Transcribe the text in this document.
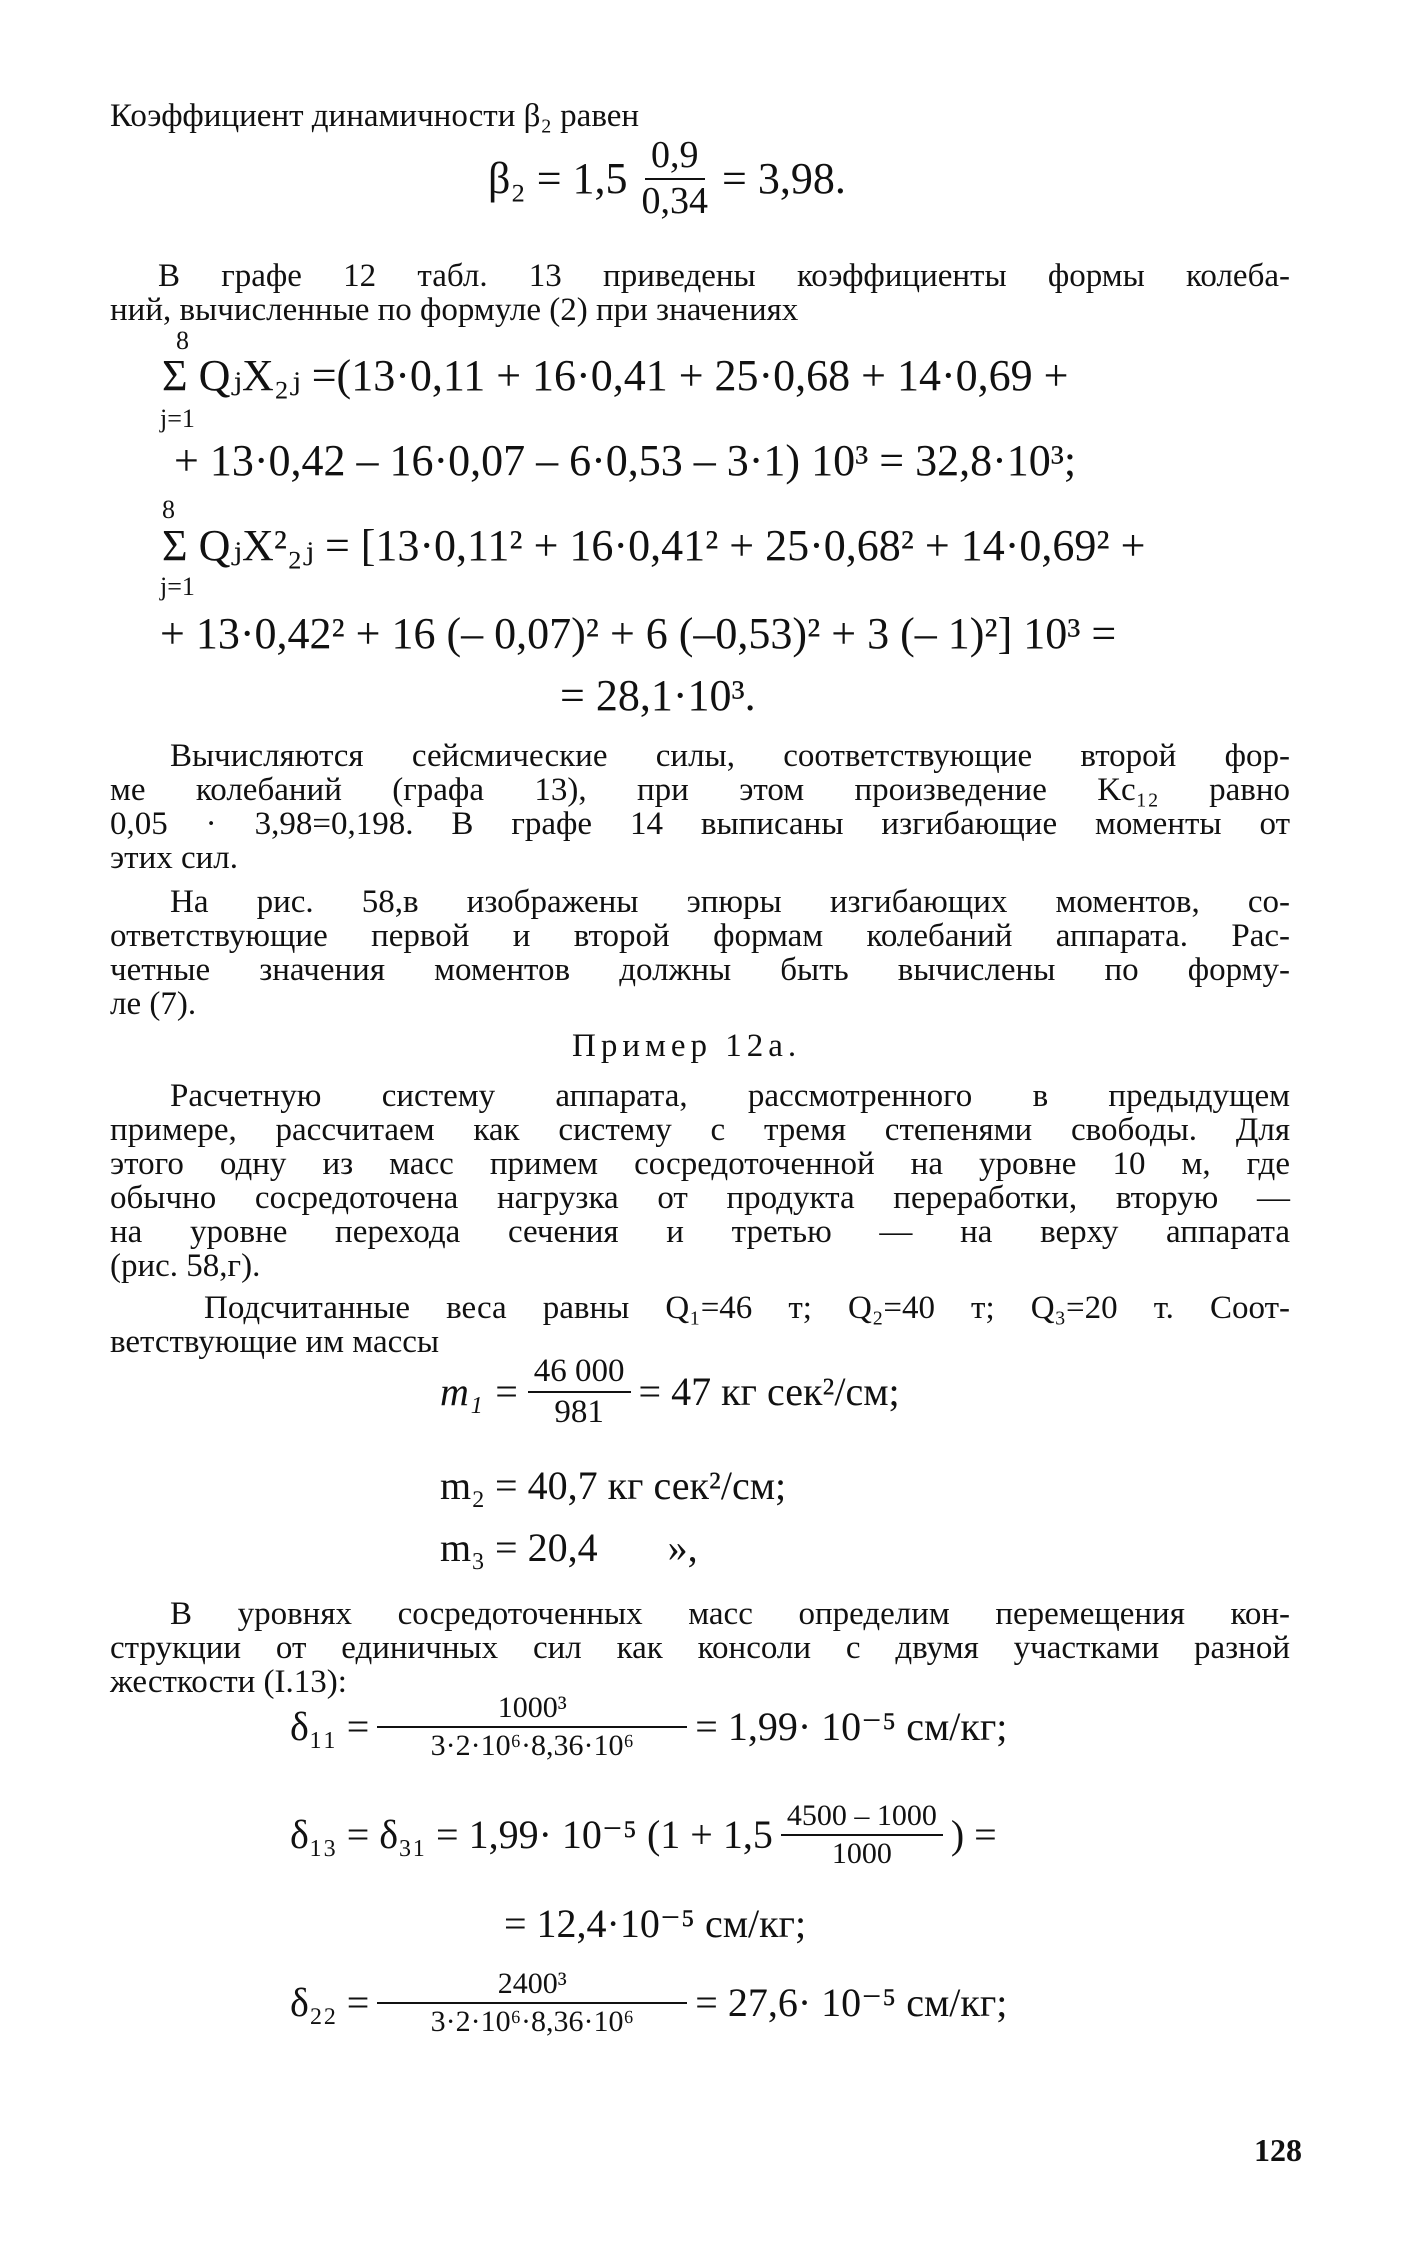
Коэффициент динамичности β₂ равен
$\beta_2 = 1,5 \frac{0,9}{0,34} = 3,98$.
В графе 12 табл. 13 приведены коэффициенты формы колеба-
ний, вычисленные по формуле (2) при значениях
8
Σ QⱼX₂ⱼ =(13·0,11 + 16·0,41 + 25·0,68 + 14·0,69 +
j=1
+ 13·0,42 – 16·0,07 – 6·0,53 – 3·1) 10³ = 32,8·10³;
8
Σ QⱼX²₂ⱼ = [13·0,11² + 16·0,41² + 25·0,68² + 14·0,69² +
j=1
+ 13·0,42² + 16 (– 0,07)² + 6 (–0,53)² + 3 (– 1)²] 10³ =
= 28,1·10³.
Вычисляются сейсмические силы, соответствующие второй фор-
ме колебаний (графа 13), при этом произведение Kс₁₂ равно
0,05 · 3,98=0,198. В графе 14 выписаны изгибающие моменты от
этих сил.
На рис. 58,в изображены эпюры изгибающих моментов, со-
ответствующие первой и второй формам колебаний аппарата. Рас-
четные значения моментов должны быть вычислены по форму-
ле (7).
Пример 12а.
Расчетную систему аппарата, рассмотренного в предыдущем
примере, рассчитаем как систему с тремя степенями свободы. Для
этого одну из масс примем сосредоточенной на уровне 10 м, где
обычно сосредоточена нагрузка от продукта переработки, вторую —
на уровне перехода сечения и третью — на верху аппарата
(рис. 58,г).
Подсчитанные веса равны Q₁=46 т; Q₂=40 т; Q₃=20 т. Соот-
ветствующие им массы
$m_1 = \frac{46 000}{981} = 47$ кг сек²/см;
m₂ = 40,7 кг сек²/см;
m₃ = 20,4       »,
В уровнях сосредоточенных масс определим перемещения кон-
струкции от единичных сил как консоли с двумя участками разной
жесткости (I.13):
$\delta_{11} = \frac{\text{1000³}}{\text{3·2·10⁶·8,36·10⁶}} = 1,99\cdot 10^{-5}$ см/кг;
δ₁₃ = δ₃₁ = 1,99· 10⁻⁵ ($1 + 1,5 \frac{4500 - 1000}{1000}$ ) =
= 12,4·10⁻⁵ см/кг;
$\delta_{22} = \frac{\text{2400³}}{\text{3·2·10⁶·8,36·10⁶}} = 27,6\cdot 10^{-5}$ см/кг;
128
